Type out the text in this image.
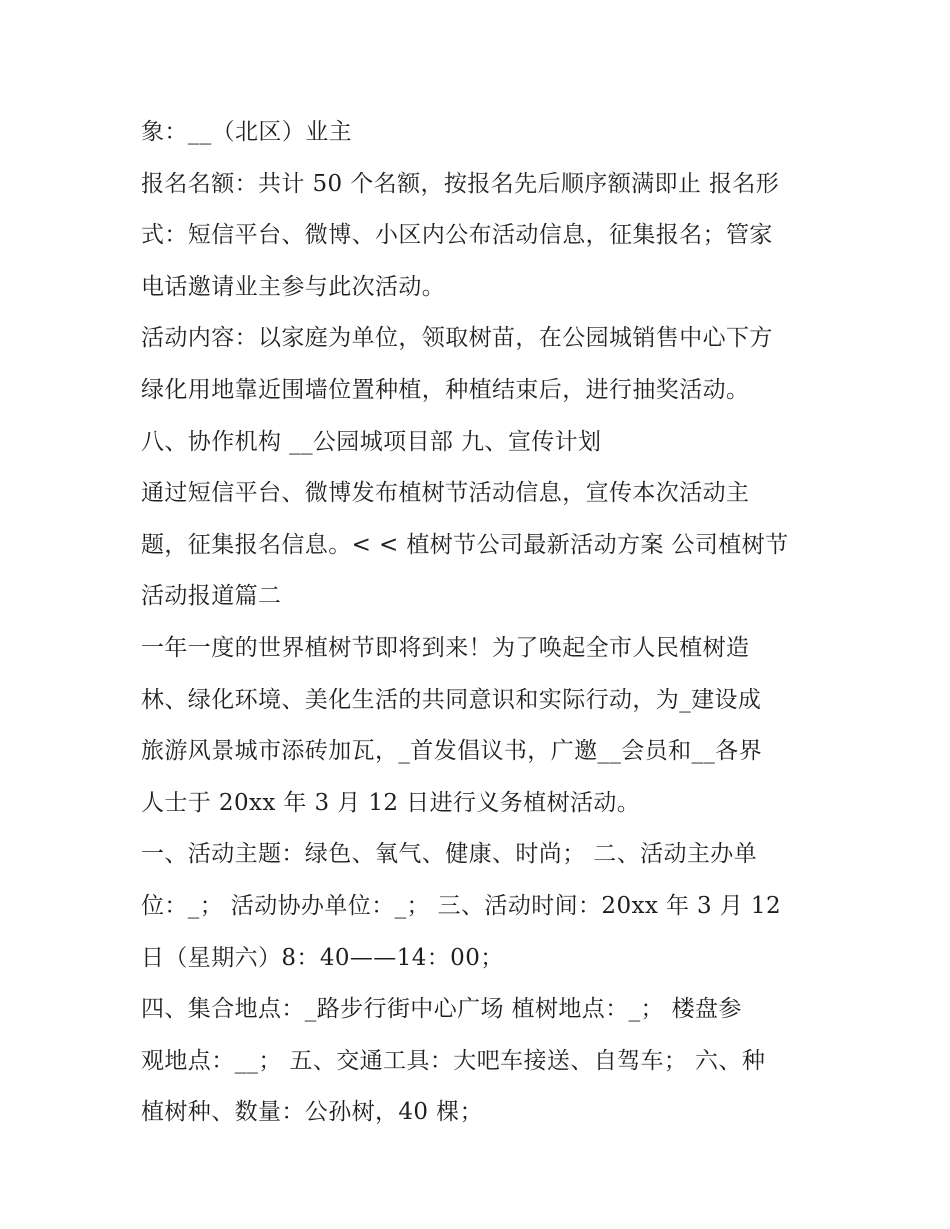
象：__（北区）业主
报名名额：共计 50 个名额，按报名先后顺序额满即止 报名形
式：短信平台、微博、小区内公布活动信息，征集报名；管家
电话邀请业主参与此次活动。
活动内容：以家庭为单位，领取树苗，在公园城销售中心下方
绿化用地靠近围墙位置种植，种植结束后，进行抽奖活动。
八、协作机构 __公园城项目部 九、宣传计划
通过短信平台、微博发布植树节活动信息，宣传本次活动主
题，征集报名信息。< < 植树节公司最新活动方案 公司植树节
活动报道篇二
一年一度的世界植树节即将到来！为了唤起全市人民植树造
林、绿化环境、美化生活的共同意识和实际行动，为_建设成
旅游风景城市添砖加瓦，_首发倡议书，广邀__会员和__各界
人士于 20xx 年 3 月 12 日进行义务植树活动。
一、活动主题：绿色、氧气、健康、时尚； 二、活动主办单
位：_； 活动协办单位：_； 三、活动时间：20xx 年 3 月 12
日（星期六）8：40——14：00；
四、集合地点：_路步行街中心广场 植树地点：_； 楼盘参
观地点：__； 五、交通工具：大吧车接送、自驾车； 六、种
植树种、数量：公孙树，40 棵；
